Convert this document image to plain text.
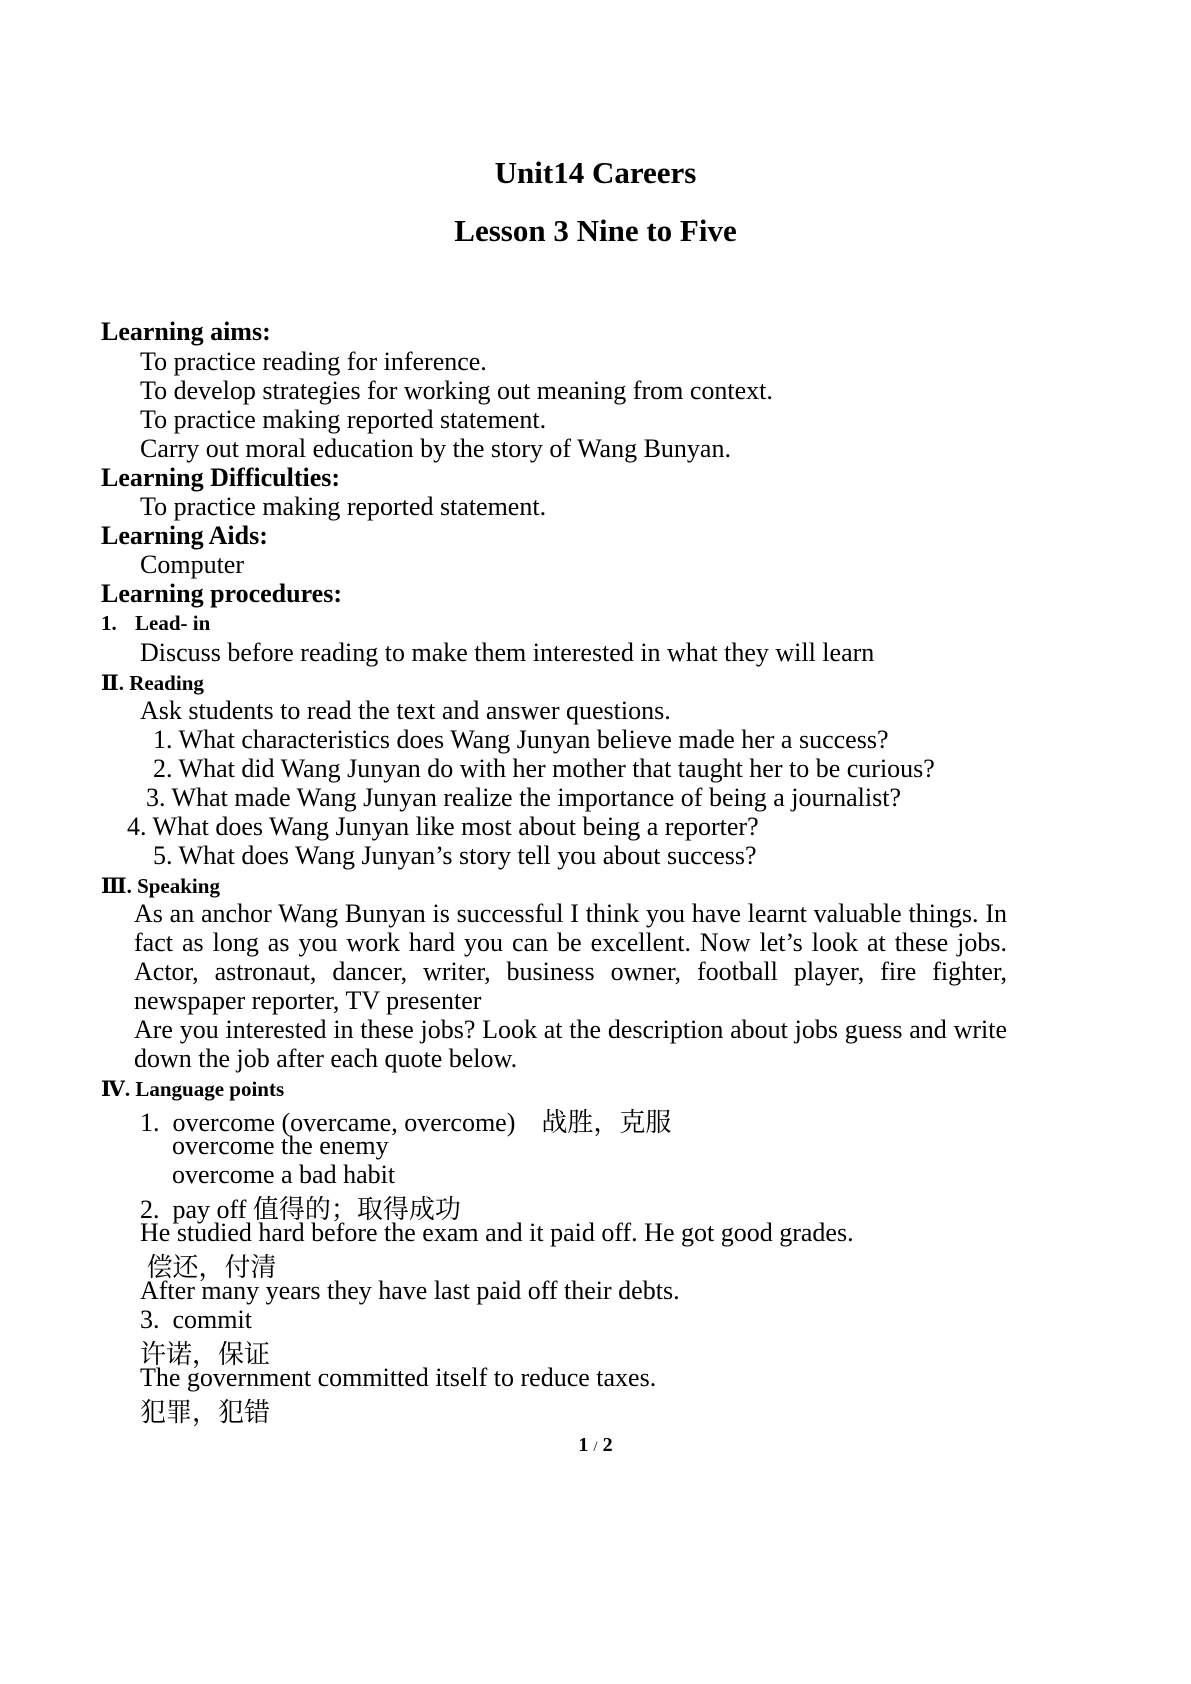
Unit14 Careers
Lesson 3 Nine to Five
Learning aims:
To practice reading for inference.
To develop strategies for working out meaning from context.
To practice making reported statement.
Carry out moral education by the story of Wang Bunyan.
Learning Difficulties:
To practice making reported statement.
Learning Aids:
Computer
Learning procedures:
1. Lead- in
Discuss before reading to make them interested in what they will learn
Ⅱ. Reading
Ask students to read the text and answer questions.
1. What characteristics does Wang Junyan believe made her a success?
2. What did Wang Junyan do with her mother that taught her to be curious?
3. What made Wang Junyan realize the importance of being a journalist?
4. What does Wang Junyan like most about being a reporter?
5. What does Wang Junyan’s story tell you about success?
Ⅲ. Speaking
As an anchor Wang Bunyan is successful I think you have learnt valuable things. In
fact as long as you work hard you can be excellent. Now let’s look at these jobs.
Actor, astronaut, dancer, writer, business owner, football player, fire fighter,
newspaper reporter, TV presenter
Are you interested in these jobs? Look at the description about jobs guess and write
down the job after each quote below.
Ⅳ. Language points
1.  overcome (overcame, overcome)    战胜，克服
overcome the enemy
overcome a bad habit
2.  pay off 值得的；取得成功
He studied hard before the exam and it paid off. He got good grades.
偿还，付清
After many years they have last paid off their debts.
3.  commit
许诺，保证
The government committed itself to reduce taxes.
犯罪，犯错
1 / 2
